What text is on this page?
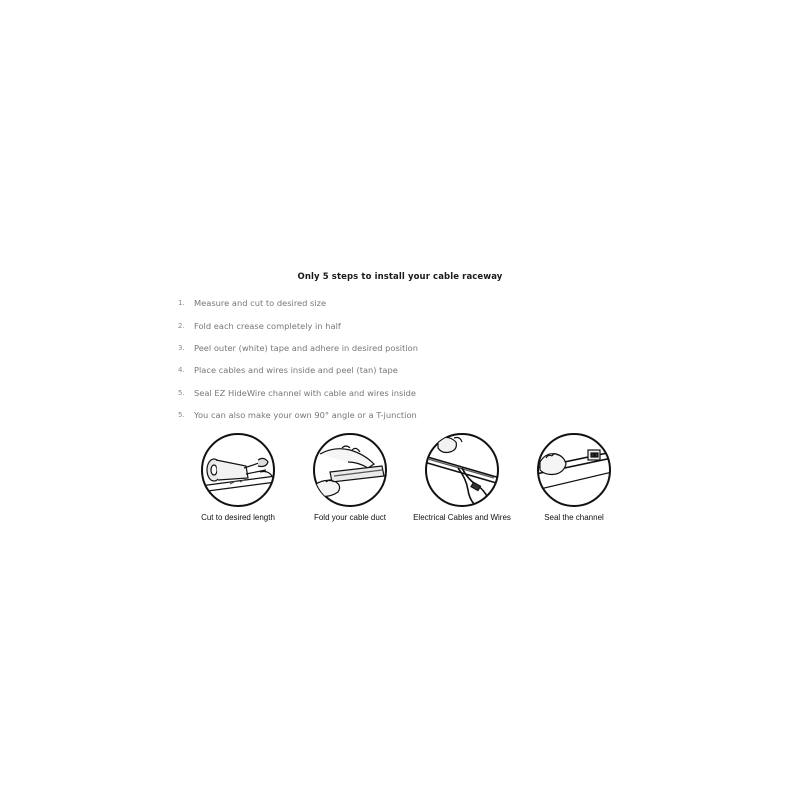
Only 5 steps to install your cable raceway
1.	Measure and cut to desired size
2.	Fold each crease completely in half
3.	Peel outer (white) tape and adhere in desired position
4.	Place cables and wires inside and peel (tan) tape
5.	Seal EZ HideWire channel with cable and wires inside
5.	You can also make your own 90° angle or a T-junction
Cut to desired length	Fold your cable duct	Electrical Cables and Wires	Seal the channel
